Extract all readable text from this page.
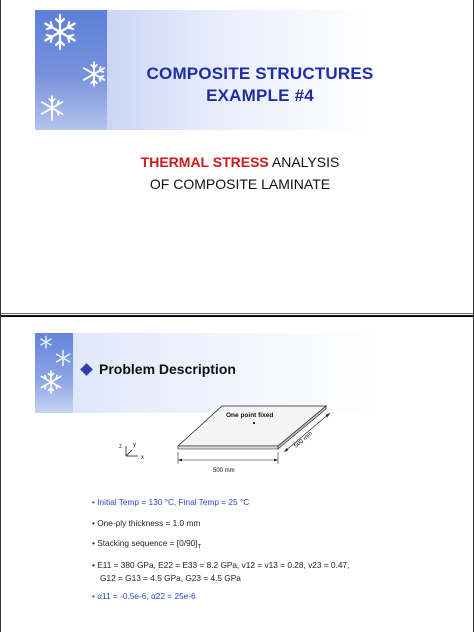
COMPOSITE STRUCTURES
EXAMPLE #4
THERMAL STRESS ANALYSIS
OF COMPOSITE LAMINATE
Problem Description
z y
x
One point fixed
500 mm
500 mm
• Initial Temp = 130 °C, Final Temp = 25 °C
• One-ply thickness = 1.0 mm
• Stacking sequence = $[0/90]_T$
• E11 = 380 GPa, E22 = E33 = 8.2 GPa, v12 = v13 = 0.28, v23 = 0.47,
G12 = G13 = 4.5 GPa, G23 = 4.5 GPa
• α11 = -0.5e-6, α22 = 25e-6
